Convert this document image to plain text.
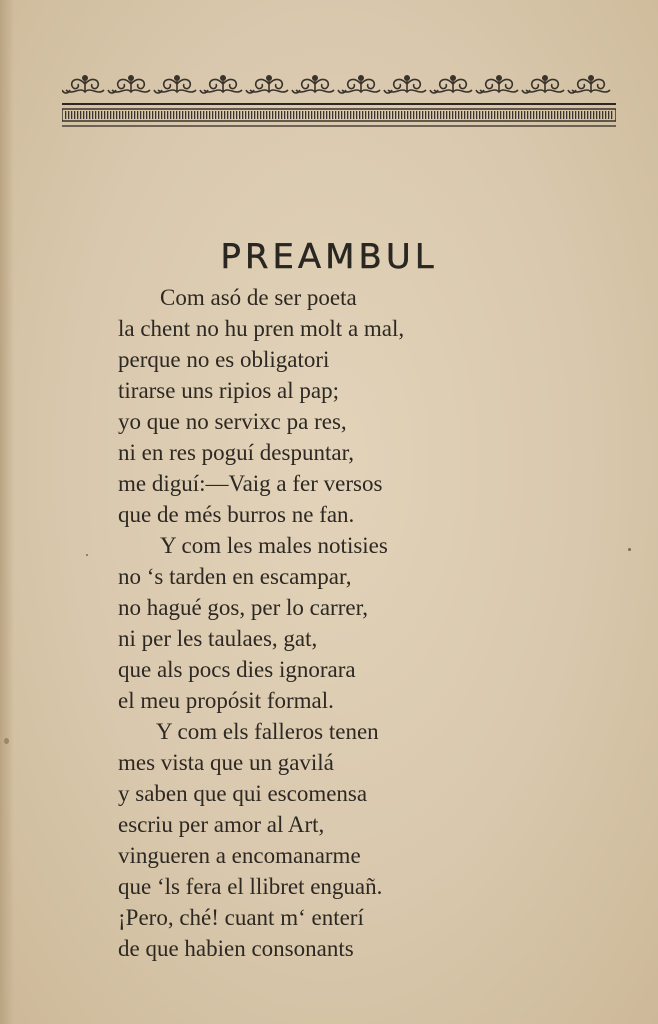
PREAMBUL
Com asó de ser poeta
la chent no hu pren molt a mal,
perque no es obligatori
tirarse uns ripios al pap;
yo que no servixc pa res,
ni en res poguí despuntar,
me diguí:—Vaig a fer versos
que de més burros ne fan.
Y com les males notisies
no ‘s tarden en escampar,
no hagué gos, per lo carrer,
ni per les taulaes, gat,
que als pocs dies ignorara
el meu propósit formal.
Y com els falleros tenen
mes vista que un gavilá
y saben que qui escomensa
escriu per amor al Art,
vingueren a encomanarme
que ‘ls fera el llibret enguañ.
¡Pero, ché! cuant m‘ enterí
de que habien consonants
